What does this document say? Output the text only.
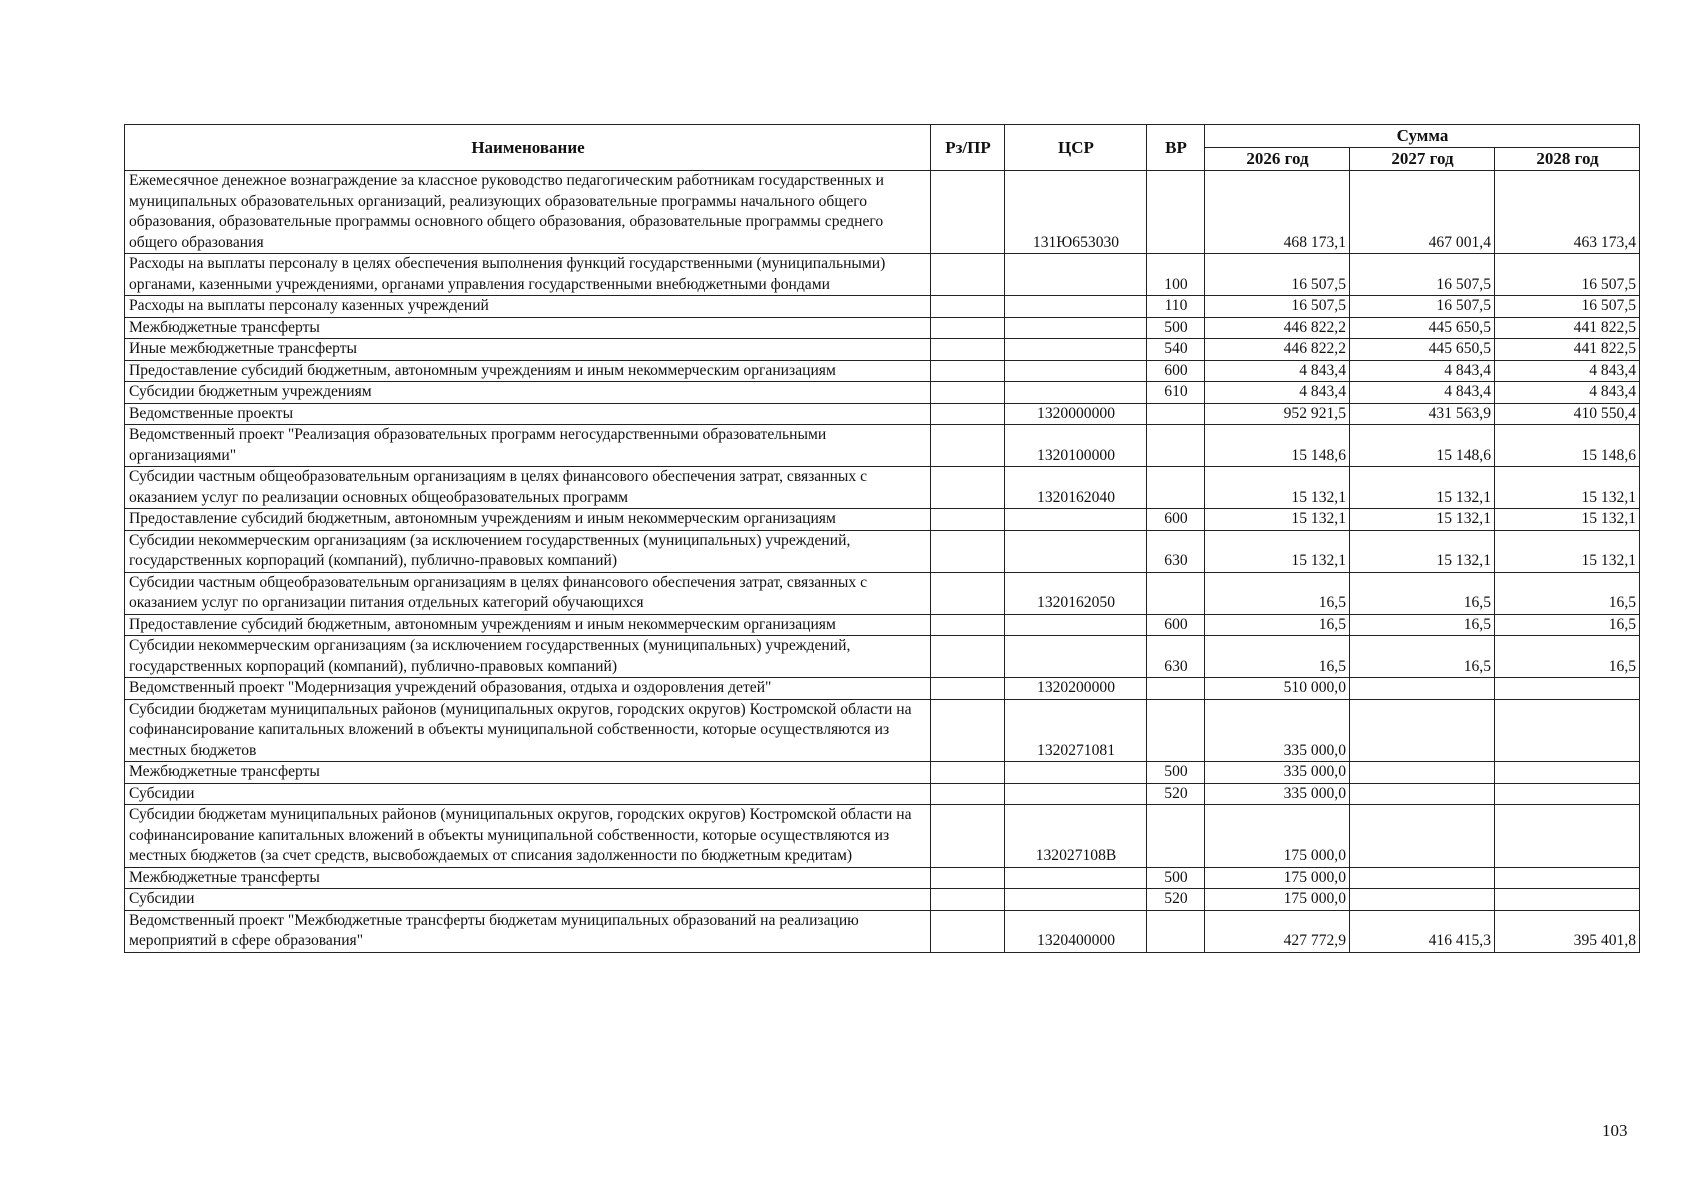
Наименование	Рз/ПР	ЦСР	ВР	Сумма		
				2026 год	2027 год	2028 год
Ежемесячное денежное вознаграждение за классное руководство педагогическим работникам государственных и муниципальных образовательных организаций, реализующих образовательные программы начального общего образования, образовательные программы основного общего образования, образовательные программы среднего общего образования		131Ю653030		468 173,1	467 001,4	463 173,4
Расходы на выплаты персоналу в целях обеспечения выполнения функций государственными (муниципальными) органами, казенными учреждениями, органами управления государственными внебюджетными фондами			100	16 507,5	16 507,5	16 507,5
Расходы на выплаты персоналу казенных учреждений			110	16 507,5	16 507,5	16 507,5
Межбюджетные трансферты			500	446 822,2	445 650,5	441 822,5
Иные межбюджетные трансферты			540	446 822,2	445 650,5	441 822,5
Предоставление субсидий бюджетным, автономным учреждениям и иным некоммерческим организациям			600	4 843,4	4 843,4	4 843,4
Субсидии бюджетным учреждениям			610	4 843,4	4 843,4	4 843,4
Ведомственные проекты		1320000000		952 921,5	431 563,9	410 550,4
Ведомственный проект "Реализация образовательных программ негосударственными образовательными организациями"		1320100000		15 148,6	15 148,6	15 148,6
Субсидии частным общеобразовательным организациям в целях финансового обеспечения затрат, связанных с оказанием услуг по реализации основных общеобразовательных программ		1320162040		15 132,1	15 132,1	15 132,1
Предоставление субсидий бюджетным, автономным учреждениям и иным некоммерческим организациям			600	15 132,1	15 132,1	15 132,1
Субсидии некоммерческим организациям (за исключением государственных (муниципальных) учреждений, государственных корпораций (компаний), публично-правовых компаний)			630	15 132,1	15 132,1	15 132,1
Субсидии частным общеобразовательным организациям в целях финансового обеспечения затрат, связанных с оказанием услуг по организации питания отдельных категорий обучающихся		1320162050		16,5	16,5	16,5
Предоставление субсидий бюджетным, автономным учреждениям и иным некоммерческим организациям			600	16,5	16,5	16,5
Субсидии некоммерческим организациям (за исключением государственных (муниципальных) учреждений, государственных корпораций (компаний), публично-правовых компаний)			630	16,5	16,5	16,5
Ведомственный проект "Модернизация учреждений образования, отдыха и оздоровления детей"		1320200000		510 000,0		
Субсидии бюджетам муниципальных районов (муниципальных округов, городских округов) Костромской области на софинансирование капитальных вложений в объекты муниципальной собственности, которые осуществляются из местных бюджетов		1320271081		335 000,0		
Межбюджетные трансферты			500	335 000,0		
Субсидии			520	335 000,0		
Субсидии бюджетам муниципальных районов (муниципальных округов, городских округов) Костромской области на софинансирование капитальных вложений в объекты муниципальной собственности, которые осуществляются из местных бюджетов (за счет средств, высвобождаемых от списания задолженности по бюджетным кредитам)		132027108В		175 000,0		
Межбюджетные трансферты			500	175 000,0		
Субсидии			520	175 000,0		
Ведомственный проект "Межбюджетные трансферты бюджетам муниципальных образований на реализацию мероприятий в сфере образования"		1320400000		427 772,9	416 415,3	395 401,8
103
